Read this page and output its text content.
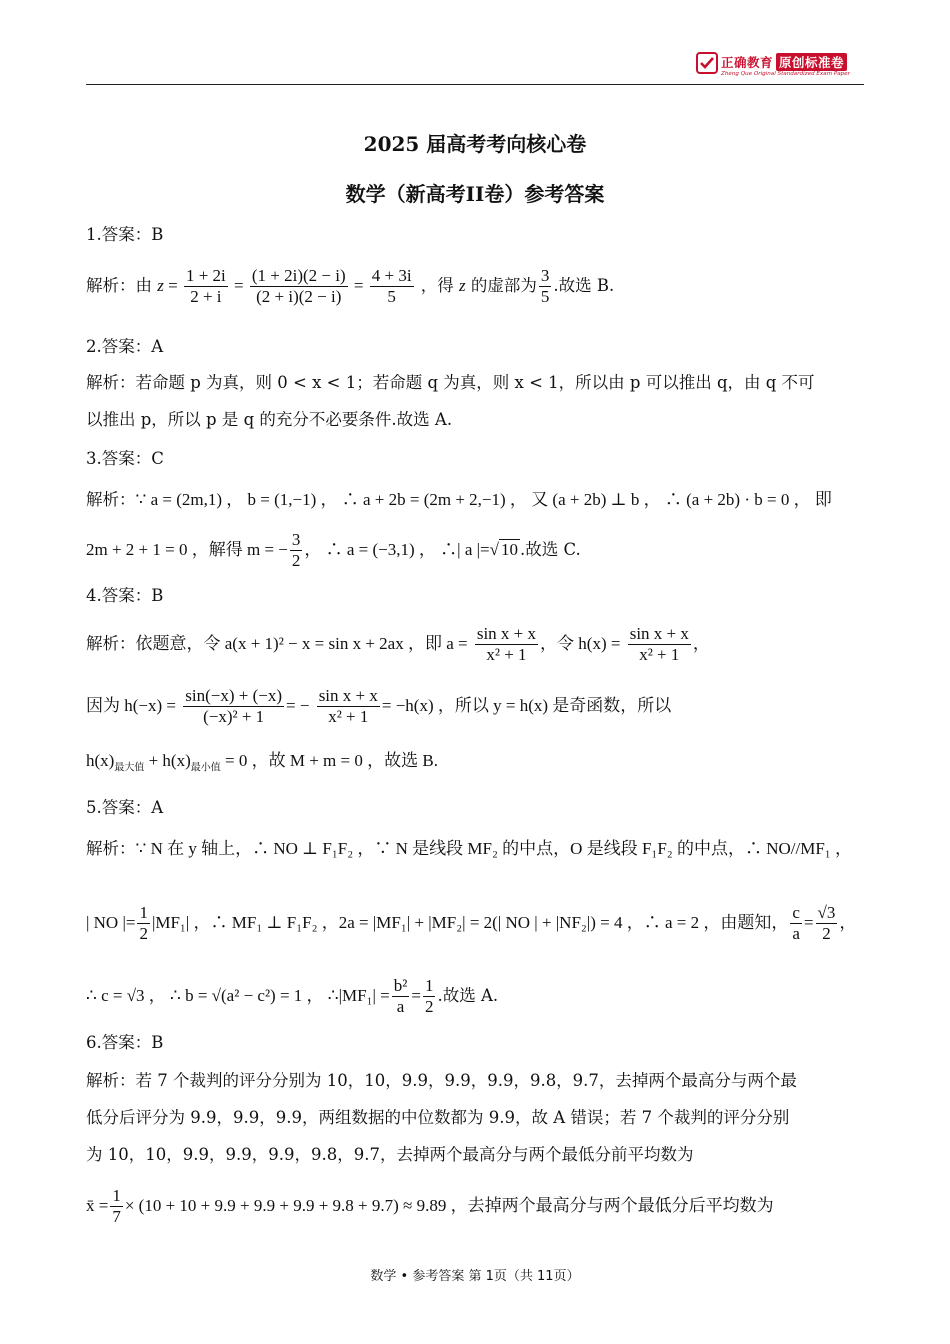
正确教育 原创标准卷
Zheng Que Original Standardized Exam Paper
2025 届高考考向核心卷
数学（新高考II卷）参考答案
1.答案：B
解析：由 $z = \frac{1 + 2i}{2 + i} = \frac{(1 + 2i)(2 - i)}{(2 + i)(2 - i)} = \frac{4 + 3i}{5}$ ，得 z 的虚部为 $\frac{3}{5}$ .故选 B.
2.答案：A
解析：若命题 p 为真，则 0 < x < 1；若命题 q 为真，则 x < 1，所以由 p 可以推出 q，由 q 不可
以推出 p，所以 p 是 q 的充分不必要条件.故选 A.
3.答案：C
解析：∵ a = (2m,1) ， b = (1,−1) ， ∴ a + 2b = (2m + 2,−1) ， 又 (a + 2b) ⊥ b ， ∴ (a + 2b) · b = 0 ， 即
2m + 2 + 1 = 0 ，解得 m = − $\frac{3}{2}$ ， ∴ a = (−3,1) ， ∴| a |=√ 10 .故选 C.
4.答案：B
解析：依题意，令 a(x + 1)² − x = sin x + 2ax ，即 $a = \frac{\text{sin x + x}}{\text{x² + 1}}$ ，令 $h(x) = \frac{\text{sin x + x}}{\text{x² + 1}}$ ，
因为 $h(-x) = \frac{\sin(-x) + (-x)}{\text{(−x)² + 1}}$ = − $\frac{\text{sin x + x}}{\text{x² + 1}} = -h(x)$ ，所以 y = h(x) 是奇函数，所以
$h(x)_{最大值} + h(x)_{最小值} = 0$ ，故 M + m = 0 ，故选 B.
5.答案：A
解析：∵ N 在 y 轴上，∴ NO ⊥ F₁F₂ ，∵ N 是线段 MF₂ 的中点，O 是线段 F₁F₂ 的中点，∴ NO//MF₁ ，
| NO |= $\frac{1}{2} |MF_1|$ ，∴ MF₁ ⊥ F₁F₂ ，2a = |MF₁| + |MF₂| = 2(| NO | + |NF₂|) = 4 ，∴ a = 2 ，由题知， $\frac{c}{a} = \frac{√3}{2}$ ，
∴ c = √3 ， ∴ b = √(a² − c²) = 1 ， ∴|MF₁| = $\frac{\text{b²}}{a} = \frac{1}{2}$ .故选 A.
6.答案：B
解析：若 7 个裁判的评分分别为 10，10，9.9，9.9，9.9，9.8，9.7，去掉两个最高分与两个最
低分后评分为 9.9，9.9，9.9，两组数据的中位数都为 9.9，故 A 错误；若 7 个裁判的评分分别
为 10，10，9.9，9.9，9.9，9.8，9.7，去掉两个最高分与两个最低分前平均数为
x̄ = $\frac{1}{7} \times (10 + 10 + 9.9 + 9.9 + 9.9 + 9.8 + 9.7) \approx 9.89$ ，去掉两个最高分与两个最低分后平均数为
数学 • 参考答案 第 1页（共 11页）
